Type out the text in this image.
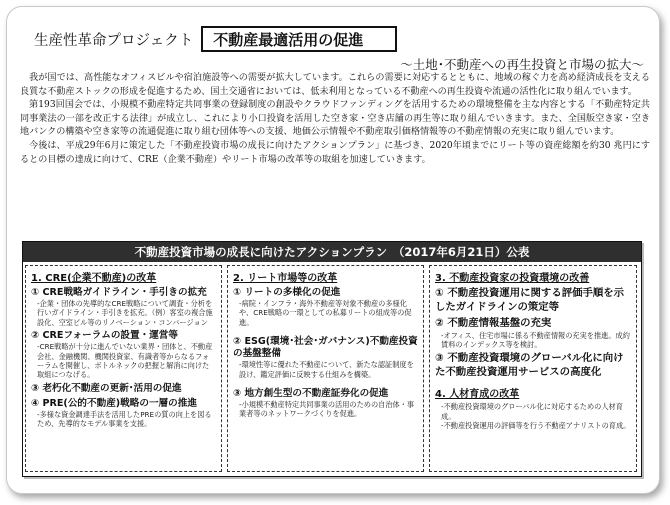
生産性革命プロジェクト	不動産最適活用の促進
～土地･不動産への再生投資と市場の拡大～

我が国では、高性能なオフィスビルや宿泊施設等への需要が拡大しています。これらの需要に対応するとともに、地域の稼ぐ力を高め経済成長を支える良質な不動産ストックの形成を促進するため、国土交通省においては、低未利用となっている不動産への再生投資や流通の活性化に取り組んでいます。

第193回国会では、小規模不動産特定共同事業の登録制度の創設やクラウドファンディングを活用するための環境整備を主な内容とする「不動産特定共同事業法の一部を改正する法律」が成立し、これにより小口投資を活用した空き家・空き店舗の再生等に取り組んでいきます。また、全国版空き家・空き地バンクの構築や空き家等の流通促進に取り組む団体等への支援、地価公示情報や不動産取引価格情報等の不動産情報の充実に取り組んでいます。

今後は、平成29年6月に策定した「不動産投資市場の成長に向けたアクションプラン」に基づき、2020年頃までにリート等の資産総額を約30 兆円にするとの目標の達成に向けて、CRE（企業不動産）やリート市場の改革等の取組を加速していきます。

不動産投資市場の成長に向けたアクションプラン　（2017年6月21日）公表
1. CRE(企業不動産)の改革
① CRE戦略ガイドライン・手引きの拡充
-企業・団体の先導的なCRE戦略について調査・分析を行いガイドライン・手引きを拡充。（例）客室の複合施設化、空室ビル等のリノベーション・コンバージョン
② CREフォーラムの設置・運営等
-CRE戦略が十分に進んでいない業界・団体と、不動産会社、金融機関、機関投資家、有識者等からなるフォーラムを開催し、ボトルネックの把握と解消に向けた取組につなげる。
③ 老朽化不動産の更新･活用の促進
④ PRE(公的不動産)戦略の一層の推進
-多様な資金調達手法を活用したPREの質の向上を図るため、先導的なモデル事業を支援。
2. リート市場等の改革
① リートの多様化の促進
-病院・インフラ・海外不動産等対象不動産の多様化や、CRE戦略の一環としての私募リートの組成等の促進。
② ESG(環境･社会･ガバナンス)不動産投資の基盤整備
-環境性等に優れた不動産について、新たな認証制度を設け、鑑定評価に反映する仕組みを構築。
③ 地方創生型の不動産証券化の促進
-小規模不動産特定共同事業の活用のための自治体・事業者等のネットワークづくりを促進。
3. 不動産投資家の投資環境の改善
① 不動産投資運用に関する評価手順を示したガイドラインの策定等
② 不動産情報基盤の充実
-オフィス、住宅市場に係る不動産情報の充実を推進。成約賃料のインデックス等を検討。
③ 不動産投資環境のグローバル化に向けた不動産投資運用サービスの高度化
4. 人材育成の改革
-不動産投資環境のグローバル化に対応するための人材育成。
-不動産投資運用の評価等を行う不動産アナリストの育成。
